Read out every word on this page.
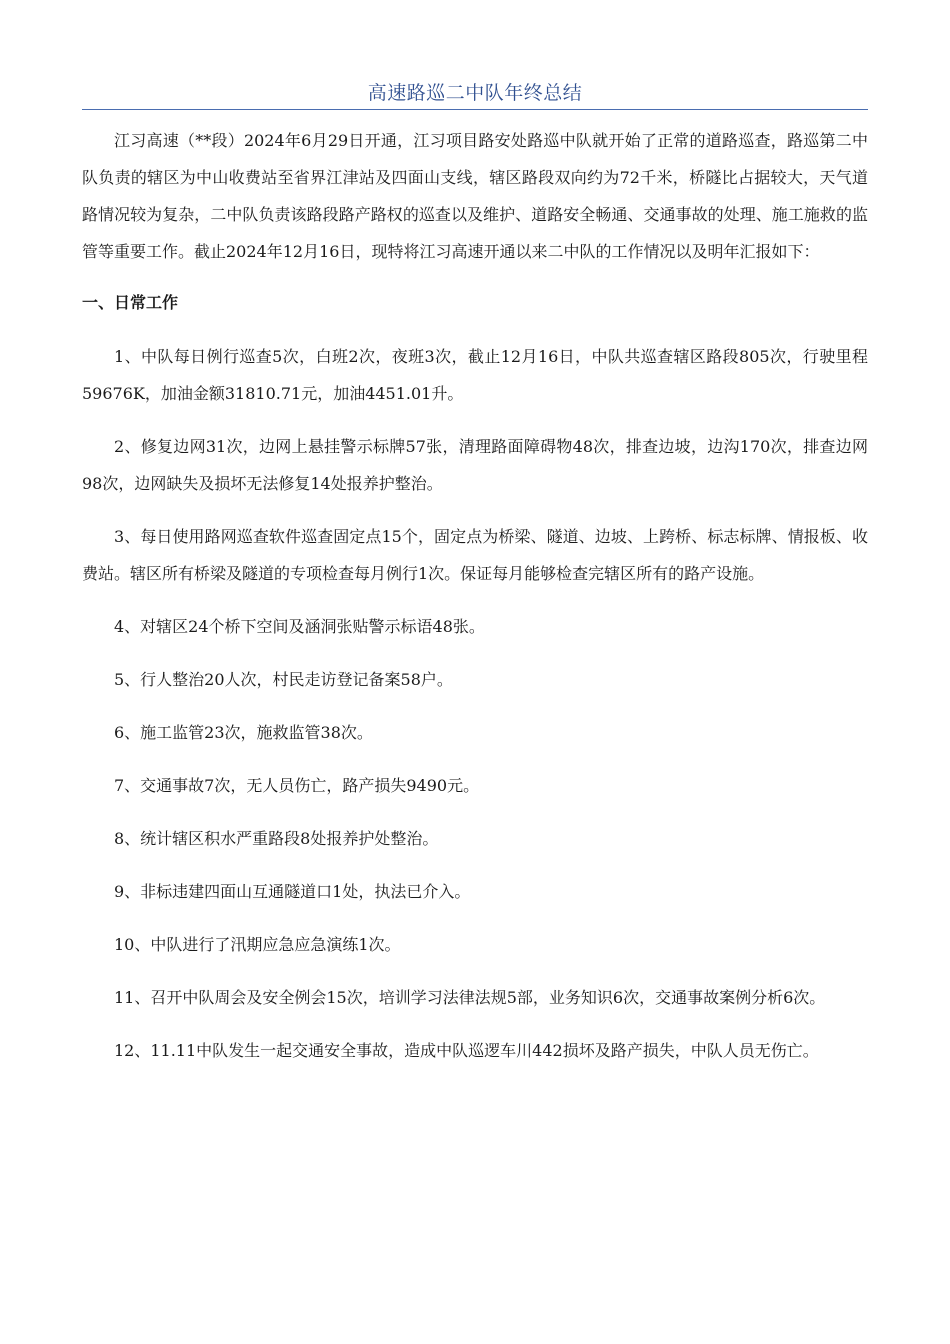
高速路巡二中队年终总结

江习高速（**段）2024年6月29日开通，江习项目路安处路巡中队就开始了正常的道路巡查，路巡第二中队负责的辖区为中山收费站至省界江津站及四面山支线，辖区路段双向约为72千米，桥隧比占据较大，天气道路情况较为复杂，二中队负责该路段路产路权的巡查以及维护、道路安全畅通、交通事故的处理、施工施救的监管等重要工作。截止2024年12月16日，现特将江习高速开通以来二中队的工作情况以及明年汇报如下：

一、日常工作

1、中队每日例行巡查5次，白班2次，夜班3次，截止12月16日，中队共巡查辖区路段805次，行驶里程59676K，加油金额31810.71元，加油4451.01升。

2、修复边网31次，边网上悬挂警示标牌57张，清理路面障碍物48次，排查边坡，边沟170次，排查边网98次，边网缺失及损坏无法修复14处报养护整治。

3、每日使用路网巡查软件巡查固定点15个，固定点为桥梁、隧道、边坡、上跨桥、标志标牌、情报板、收费站。辖区所有桥梁及隧道的专项检查每月例行1次。保证每月能够检查完辖区所有的路产设施。

4、对辖区24个桥下空间及涵洞张贴警示标语48张。

5、行人整治20人次，村民走访登记备案58户。

6、施工监管23次，施救监管38次。

7、交通事故7次，无人员伤亡，路产损失9490元。

8、统计辖区积水严重路段8处报养护处整治。

9、非标违建四面山互通隧道口1处，执法已介入。

10、中队进行了汛期应急应急演练1次。

11、召开中队周会及安全例会15次，培训学习法律法规5部，业务知识6次，交通事故案例分析6次。

12、11.11中队发生一起交通安全事故，造成中队巡逻车川442损坏及路产损失，中队人员无伤亡。
